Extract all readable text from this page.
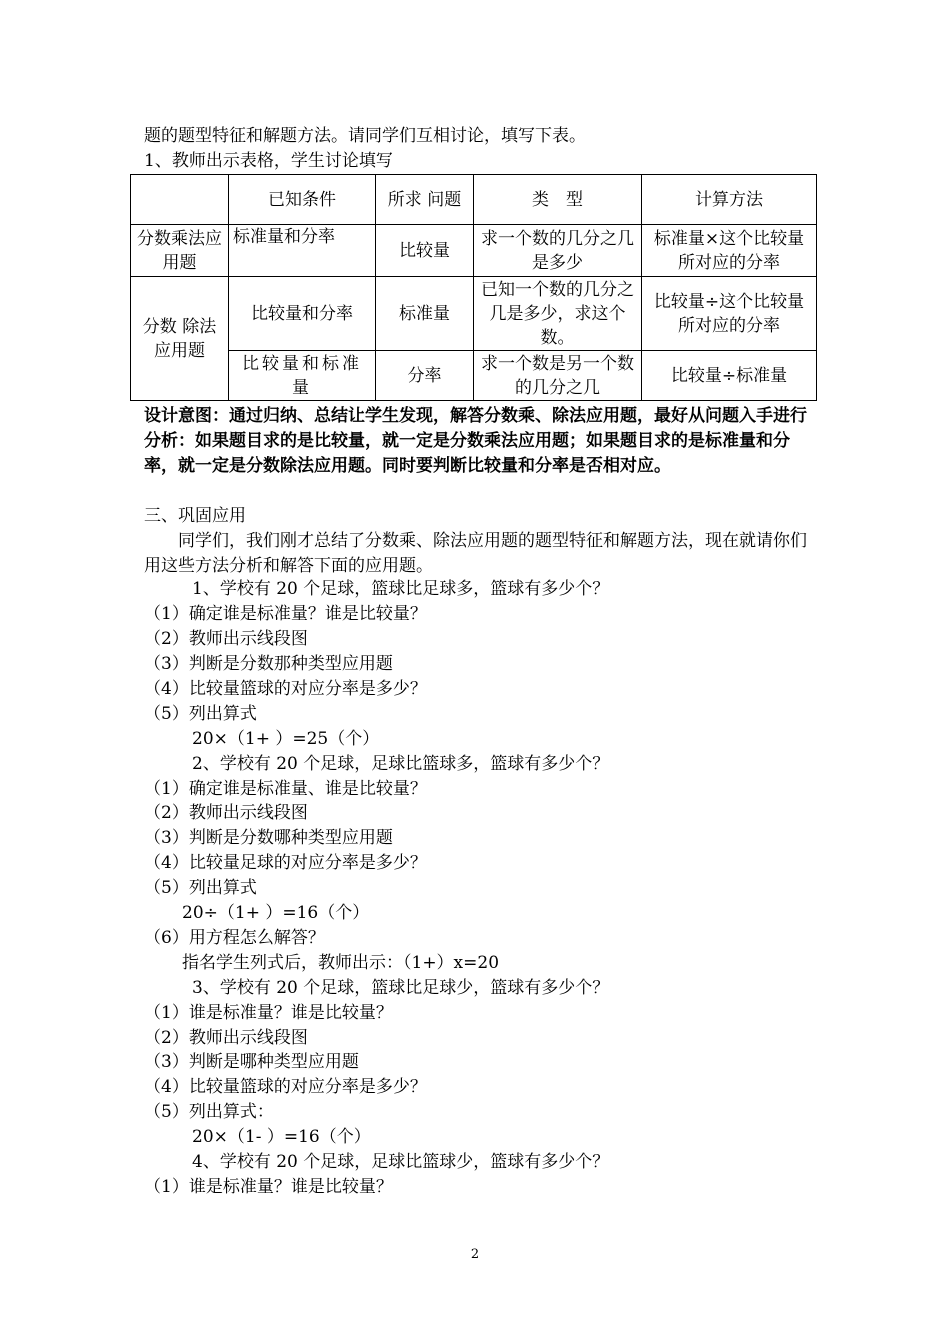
题的题型特征和解题方法。请同学们互相讨论，填写下表。
1、教师出示表格，学生讨论填写
	已知条件	所求 问题	类　型	计算方法
分数乘法应用题	标准量和分率	比较量	求一个数的几分之几是多少	标准量×这个比较量所对应的分率
分数 除法应用题	比较量和分率	标准量	已知一个数的几分之几是多少，求这个数。	比较量÷这个比较量所对应的分率
	比较量和标准量	分率	求一个数是另一个数的几分之几	比较量÷标准量
设计意图：通过归纳、总结让学生发现，解答分数乘、除法应用题，最好从问题入手进行分析：如果题目求的是比较量，就一定是分数乘法应用题；如果题目求的是标准量和分率，就一定是分数除法应用题。同时要判断比较量和分率是否相对应。
三、巩固应用
同学们，我们刚才总结了分数乘、除法应用题的题型特征和解题方法，现在就请你们用这些方法分析和解答下面的应用题。
1、学校有 20 个足球，篮球比足球多，篮球有多少个？
（1）确定谁是标准量？谁是比较量？
（2）教师出示线段图
（3）判断是分数那种类型应用题
（4）比较量篮球的对应分率是多少？
（5）列出算式
20×（1+ ）=25（个）
2、学校有 20 个足球，足球比篮球多，篮球有多少个？
（1）确定谁是标准量、谁是比较量？
（2）教师出示线段图
（3）判断是分数哪种类型应用题
（4）比较量足球的对应分率是多少？
（5）列出算式
20÷（1+ ）=16（个）
（6）用方程怎么解答？
指名学生列式后，教师出示：（1+）x=20
3、学校有 20 个足球，篮球比足球少，篮球有多少个？
（1）谁是标准量？谁是比较量？
（2）教师出示线段图
（3）判断是哪种类型应用题
（4）比较量篮球的对应分率是多少？
（5）列出算式：
20×（1- ）=16（个）
4、学校有 20 个足球，足球比篮球少，篮球有多少个？
（1）谁是标准量？谁是比较量？
2
